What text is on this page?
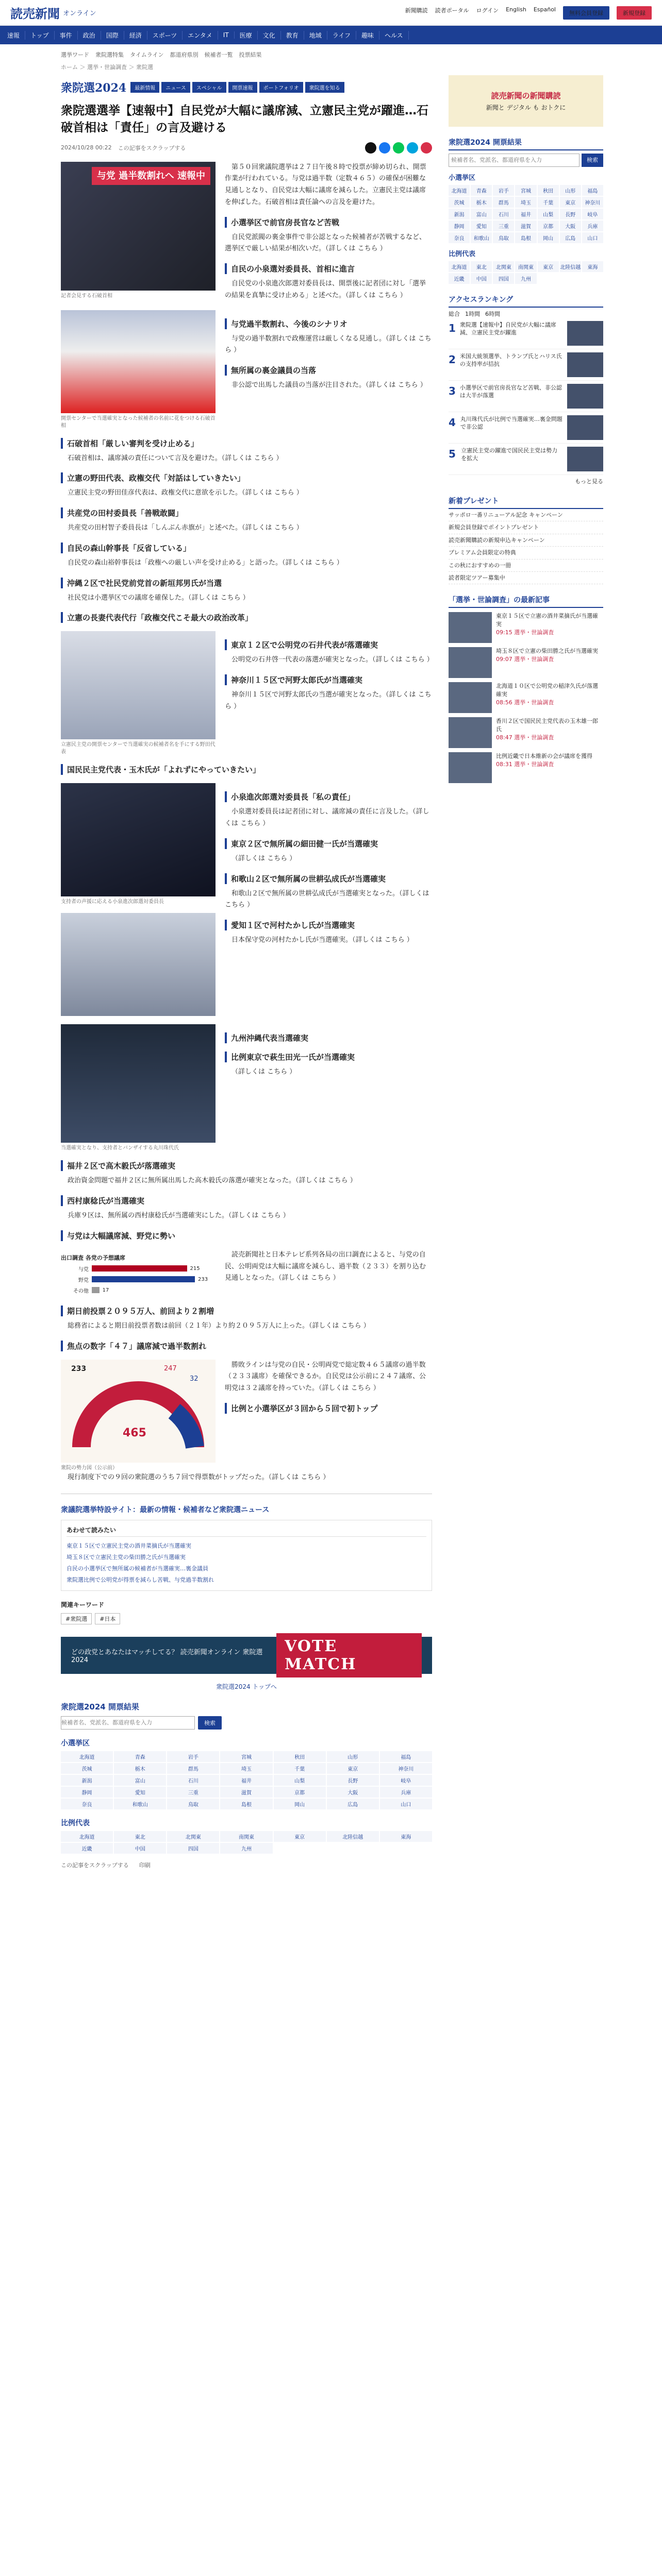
読売新聞 オンライン	新聞購読 読者ポータル ログイン English Español
無料会員登録	新規登録
速報	トップ	事件	政治	国際	経済	スポーツ	エンタメ	IT	医療	文化	教育	地域	ライフ	趣味	ヘルス
選挙ワード 衆院選特集 タイムライン 都道府県別 候補者一覧 投票結果
ホーム ＞ 選挙・世論調査 ＞ 衆院選
衆院選2024	最新情報	ニュース	スペシャル	開票速報	ポートフォリオ	衆院選を知る
衆院選選挙【速報中】自民党が大幅に議席減、立憲民主党が躍進…石破首相は「責任」の言及避ける
2024/10/28 00:22 この記事をスクラップする
与党 過半数割れへ 速報中
記者会見する石破首相

第５０回衆議院選挙は２７日午後８時で投票が締め切られ、開票作業が行われている。与党は過半数（定数４６５）の確保が困難な見通しとなり、自民党は大幅に議席を減らした。立憲民主党は議席を伸ばした。石破首相は責任論への言及を避けた。

小選挙区で前官房長官など苦戦

自民党派閥の裏金事件で非公認となった候補者が苦戦するなど、選挙区で厳しい結果が相次いだ。（詳しくは こちら ）

自民の小泉選対委員長、首相に進言

自民党の小泉進次郎選対委員長は、開票後に記者団に対し「選挙の結果を真摯に受け止める」と述べた。（詳しくは こちら ）

開票センターで当選確実となった候補者の名前に花をつける石破首相
与党過半数割れ、今後のシナリオ

与党の過半数割れで政権運営は厳しくなる見通し。（詳しくは こちら ）

無所属の裏金議員の当落

非公認で出馬した議員の当落が注目された。（詳しくは こちら ）

石破首相「厳しい審判を受け止める」

石破首相は、議席減の責任について言及を避けた。（詳しくは こちら ）

立憲の野田代表、政権交代「対話はしていきたい」

立憲民主党の野田佳彦代表は、政権交代に意欲を示した。（詳しくは こちら ）

共産党の田村委員長「善戦敢闘」

共産党の田村智子委員長は「しんぶん赤旗が」と述べた。（詳しくは こちら ）

自民の森山幹事長「反省している」

自民党の森山裕幹事長は「政権への厳しい声を受け止める」と語った。（詳しくは こちら ）

沖縄２区で社民党前党首の新垣邦男氏が当選

社民党は小選挙区での議席を確保した。（詳しくは こちら ）

立憲の長妻代表代行「政権交代こそ最大の政治改革」
立憲民主党の開票センターで当選確実の候補者名を手にする野田代表
東京１２区で公明党の石井代表が落選確実

公明党の石井啓一代表の落選が確実となった。（詳しくは こちら ）

神奈川１５区で河野太郎氏が当選確実

神奈川１５区で河野太郎氏の当選が確実となった。（詳しくは こちら ）

国民民主党代表・玉木氏が「よれずにやっていきたい」
支持者の声援に応える小泉進次郎選対委員長
小泉進次郎選対委員長「私の責任」

小泉選対委員長は記者団に対し、議席減の責任に言及した。（詳しくは こちら ）

東京２区で無所属の細田健一氏が当選確実

（詳しくは こちら ）

和歌山２区で無所属の世耕弘成氏が当選確実

和歌山２区で無所属の世耕弘成氏が当選確実となった。（詳しくは こちら ）

愛知１区で河村たかし氏が当選確実

日本保守党の河村たかし氏が当選確実。（詳しくは こちら ）

当選確実となり、支持者とバンザイする丸川珠代氏
九州沖縄代表当選確実
比例東京で萩生田光一氏が当選確実

（詳しくは こちら ）

福井２区で高木毅氏が落選確実

政治資金問題で福井２区に無所属出馬した高木毅氏の落選が確実となった。（詳しくは こちら ）

西村康稔氏が当選確実

兵庫９区は、無所属の西村康稔氏が当選確実にした。（詳しくは こちら ）

与党は大幅議席減、野党に勢い
出口調査 各党の予想議席
与党	215
野党	233
その他	17

読売新聞社と日本テレビ系列各局の出口調査によると、与党の自民、公明両党は大幅に議席を減らし、過半数（２３３）を割り込む見通しとなった。（詳しくは こちら ）

期日前投票２０９５万人、前回より２割増

総務省によると期日前投票者数は前回（２１年）より約２０９５万人に上った。（詳しくは こちら ）

焦点の数字「４７」議席減で過半数割れ
465
233	247
32
衆院の勢力図（公示前）

勝敗ラインは与党の自民・公明両党で総定数４６５議席の過半数（２３３議席）を確保できるか。自民党は公示前に２４７議席、公明党は３２議席を持っていた。（詳しくは こちら ）

比例と小選挙区が３回から５回で初トップ

現行制度下での９回の衆院選のうち７回で得票数がトップだった。（詳しくは こちら ）

衆議院選挙特設サイト：最新の情報・候補者など衆院選ニュース
あわせて読みたい
東京１５区で立憲民主党の酒井菜摘氏が当選確実
埼玉８区で立憲民主党の柴田勝之氏が当選確実
自民の小選挙区で無所属の候補者が当選確実…裏金議員
衆院選比例で公明党が得票を減らし苦戦、与党過半数割れ
関連キーワード
#衆院選	#日本
どの政党とあなたはマッチしてる？ 読売新聞オンライン 衆院選2024
VOTE MATCH
衆院選2024 トップへ
衆院選2024 開票結果
候補者名、党派名、都道府県を入力
検索
小選挙区
北海道	青森	岩手	宮城	秋田	山形	福島
茨城	栃木	群馬	埼玉	千葉	東京	神奈川
新潟	富山	石川	福井	山梨	長野	岐阜
静岡	愛知	三重	滋賀	京都	大阪	兵庫
奈良	和歌山	鳥取	島根	岡山	広島	山口
比例代表
北海道	東北	北関東	南関東	東京	北陸信越	東海
近畿	中国	四国	九州
この記事をスクラップする 印刷
読売新聞の新聞購読
新聞と デジタル も おトクに
衆院選2024 開票結果
候補者名、党派名、都道府県を入力
検索
小選挙区
北海道	青森	岩手	宮城	秋田	山形	福島
茨城	栃木	群馬	埼玉	千葉	東京	神奈川
新潟	富山	石川	福井	山梨	長野	岐阜
静岡	愛知	三重	滋賀	京都	大阪	兵庫
奈良	和歌山	鳥取	島根	岡山	広島	山口
比例代表
北海道	東北	北関東	南関東	東京	北陸信越	東海
近畿	中国	四国	九州
アクセスランキング
総合 1時間 6時間
1 衆院選【速報中】自民党が大幅に議席減、立憲民主党が躍進
2 米国大統領選挙、トランプ氏とハリス氏の支持率が拮抗
3 小選挙区で前官房長官など苦戦、非公認は大半が落選
4 丸川珠代氏が比例で当選確実…裏金問題で非公認
5 立憲民主党の躍進で国民民主党は勢力を拡大
もっと見る
新着プレゼント
サッポロ一番リニューアル記念 キャンペーン
新規会員登録でポイントプレゼント
読売新聞購読の新規申込キャンペーン
プレミアム会員限定の特典
この秋におすすめの一冊
読者限定ツアー募集中
「選挙・世論調査」の最新記事
東京１５区で立憲の酒井菜摘氏が当選確実
09:15 選挙・世論調査
埼玉８区で立憲の柴田勝之氏が当選確実
09:07 選挙・世論調査
北海道１０区で公明党の稲津久氏が落選確実
08:56 選挙・世論調査
香川２区で国民民主党代表の玉木雄一郎氏
08:47 選挙・世論調査
比例近畿で日本維新の会が議席を獲得
08:31 選挙・世論調査
